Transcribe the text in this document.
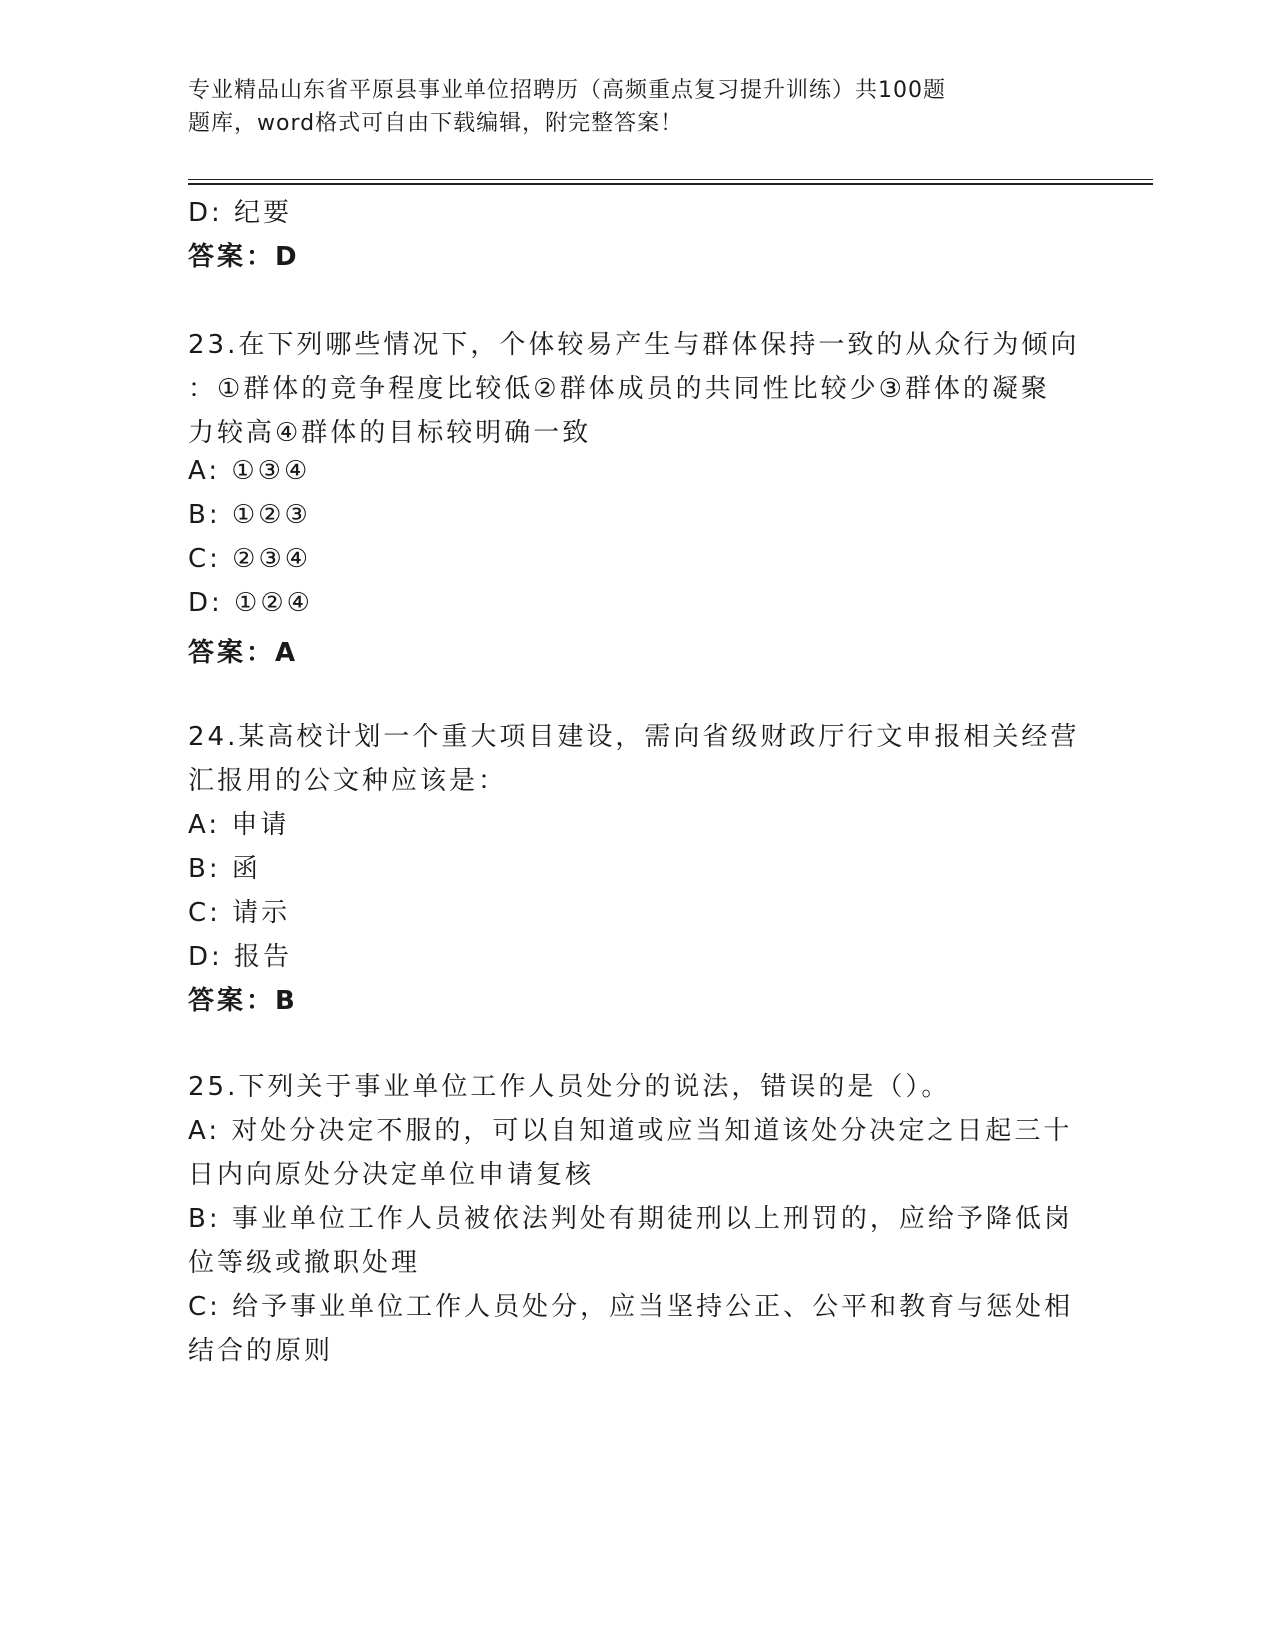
专业精品山东省平原县事业单位招聘历（高频重点复习提升训练）共100题
题库，word格式可自由下载编辑，附完整答案！
D: 纪要
答案：D
23.在下列哪些情况下，个体较易产生与群体保持一致的从众行为倾向
：①群体的竞争程度比较低②群体成员的共同性比较少③群体的凝聚
力较高④群体的目标较明确一致
A: ①③④
B: ①②③
C: ②③④
D: ①②④
答案：A
24.某高校计划一个重大项目建设，需向省级财政厅行文申报相关经营
汇报用的公文种应该是：
A: 申请
B: 函
C: 请示
D: 报告
答案：B
25.下列关于事业单位工作人员处分的说法，错误的是（）。
A: 对处分决定不服的，可以自知道或应当知道该处分决定之日起三十
日内向原处分决定单位申请复核
B: 事业单位工作人员被依法判处有期徒刑以上刑罚的，应给予降低岗
位等级或撤职处理
C: 给予事业单位工作人员处分，应当坚持公正、公平和教育与惩处相
结合的原则
